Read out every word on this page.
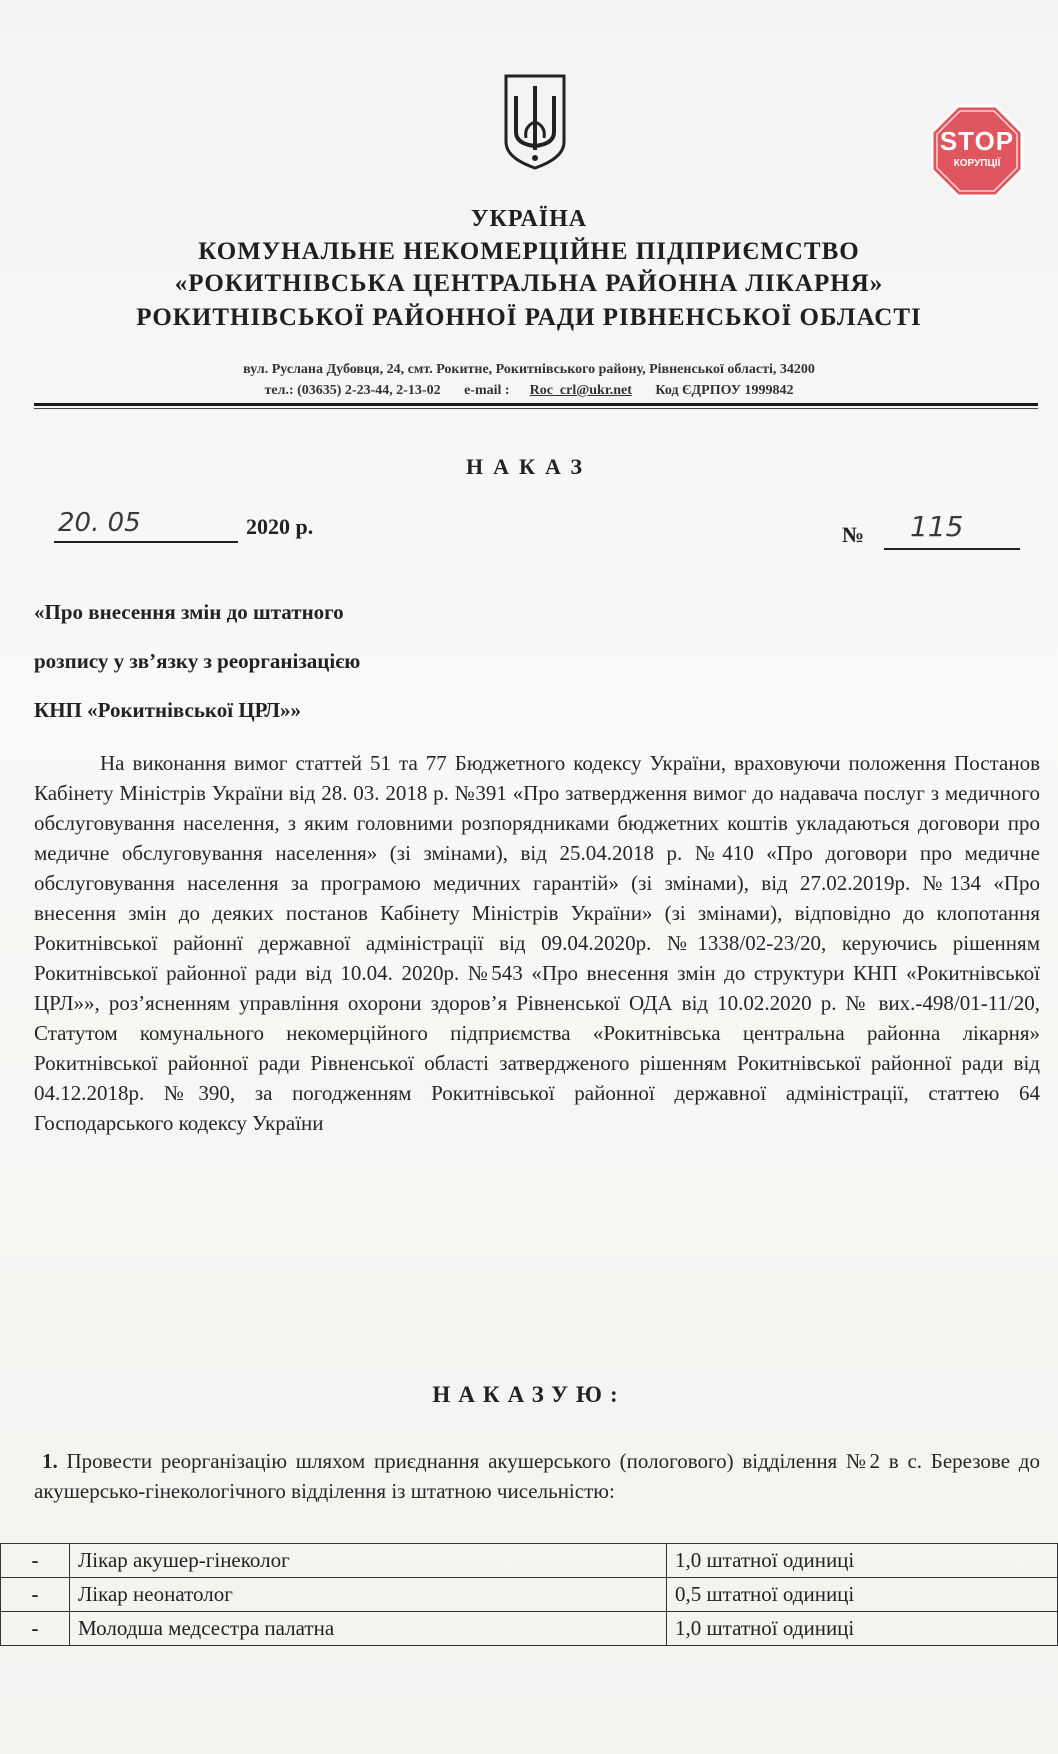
STOP
КОРУПЦІЇ
УКРАЇНА
КОМУНАЛЬНЕ НЕКОМЕРЦІЙНЕ ПІДПРИЄМСТВО
«РОКИТНІВСЬКА ЦЕНТРАЛЬНА РАЙОННА ЛІКАРНЯ»
РОКИТНІВСЬКОЇ РАЙОННОЇ РАДИ РІВНЕНСЬКОЇ ОБЛАСТІ
вул. Руслана Дубовця, 24, смт. Рокитне, Рокитнівського району, Рівненської області, 34200
тел.: (03635) 2-23-44, 2-13-02 e-mail : Roc_crl@ukr.net Код ЄДРПОУ 1999842
НАКАЗ
20. 05	2020 р.	№	115
«Про внесення змін до штатного
розпису у зв’язку з реорганізацією
КНП «Рокитнівської ЦРЛ»»
На виконання вимог статтей 51 та 77 Бюджетного кодексу України, враховуючи положення Постанов Кабінету Міністрів України від 28. 03. 2018 р. №391 «Про затвердження вимог до надавача послуг з медичного обслуговування населення, з яким головними розпорядниками бюджетних коштів укладаються договори про медичне обслуговування населення» (зі змінами), від 25.04.2018 р. №410 «Про договори про медичне обслуговування населення за програмою медичних гарантій» (зі змінами), від 27.02.2019р. №134 «Про внесення змін до деяких постанов Кабінету Міністрів України» (зі змінами), відповідно до клопотання Рокитнівської районнї державної адміністрації від 09.04.2020р. №1338/02-23/20, керуючись рішенням Рокитнівської районної ради від 10.04. 2020р. №543 «Про внесення змін до структури КНП «Рокитнівської ЦРЛ»», роз’ясненням управління охорони здоров’я Рівненської ОДА від 10.02.2020 р. № вих.-498/01-11/20, Статутом комунального некомерційного підприємства «Рокитнівська центральна районна лікарня» Рокитнівської районної ради Рівненської області затвердженого рішенням Рокитнівської районної ради від 04.12.2018р. №390, за погодженням Рокитнівської районної державної адміністрації, статтею 64 Господарського кодексу України
НАКАЗУЮ:
1. Провести реорганізацію шляхом приєднання акушерського (пологового) відділення №2 в с. Березове до акушерсько-гінекологічного відділення із штатною чисельністю:
-	Лікар акушер-гінеколог	1,0 штатної одиниці
-	Лікар неонатолог	0,5 штатної одиниці
-	Молодша медсестра палатна	1,0 штатної одиниці
